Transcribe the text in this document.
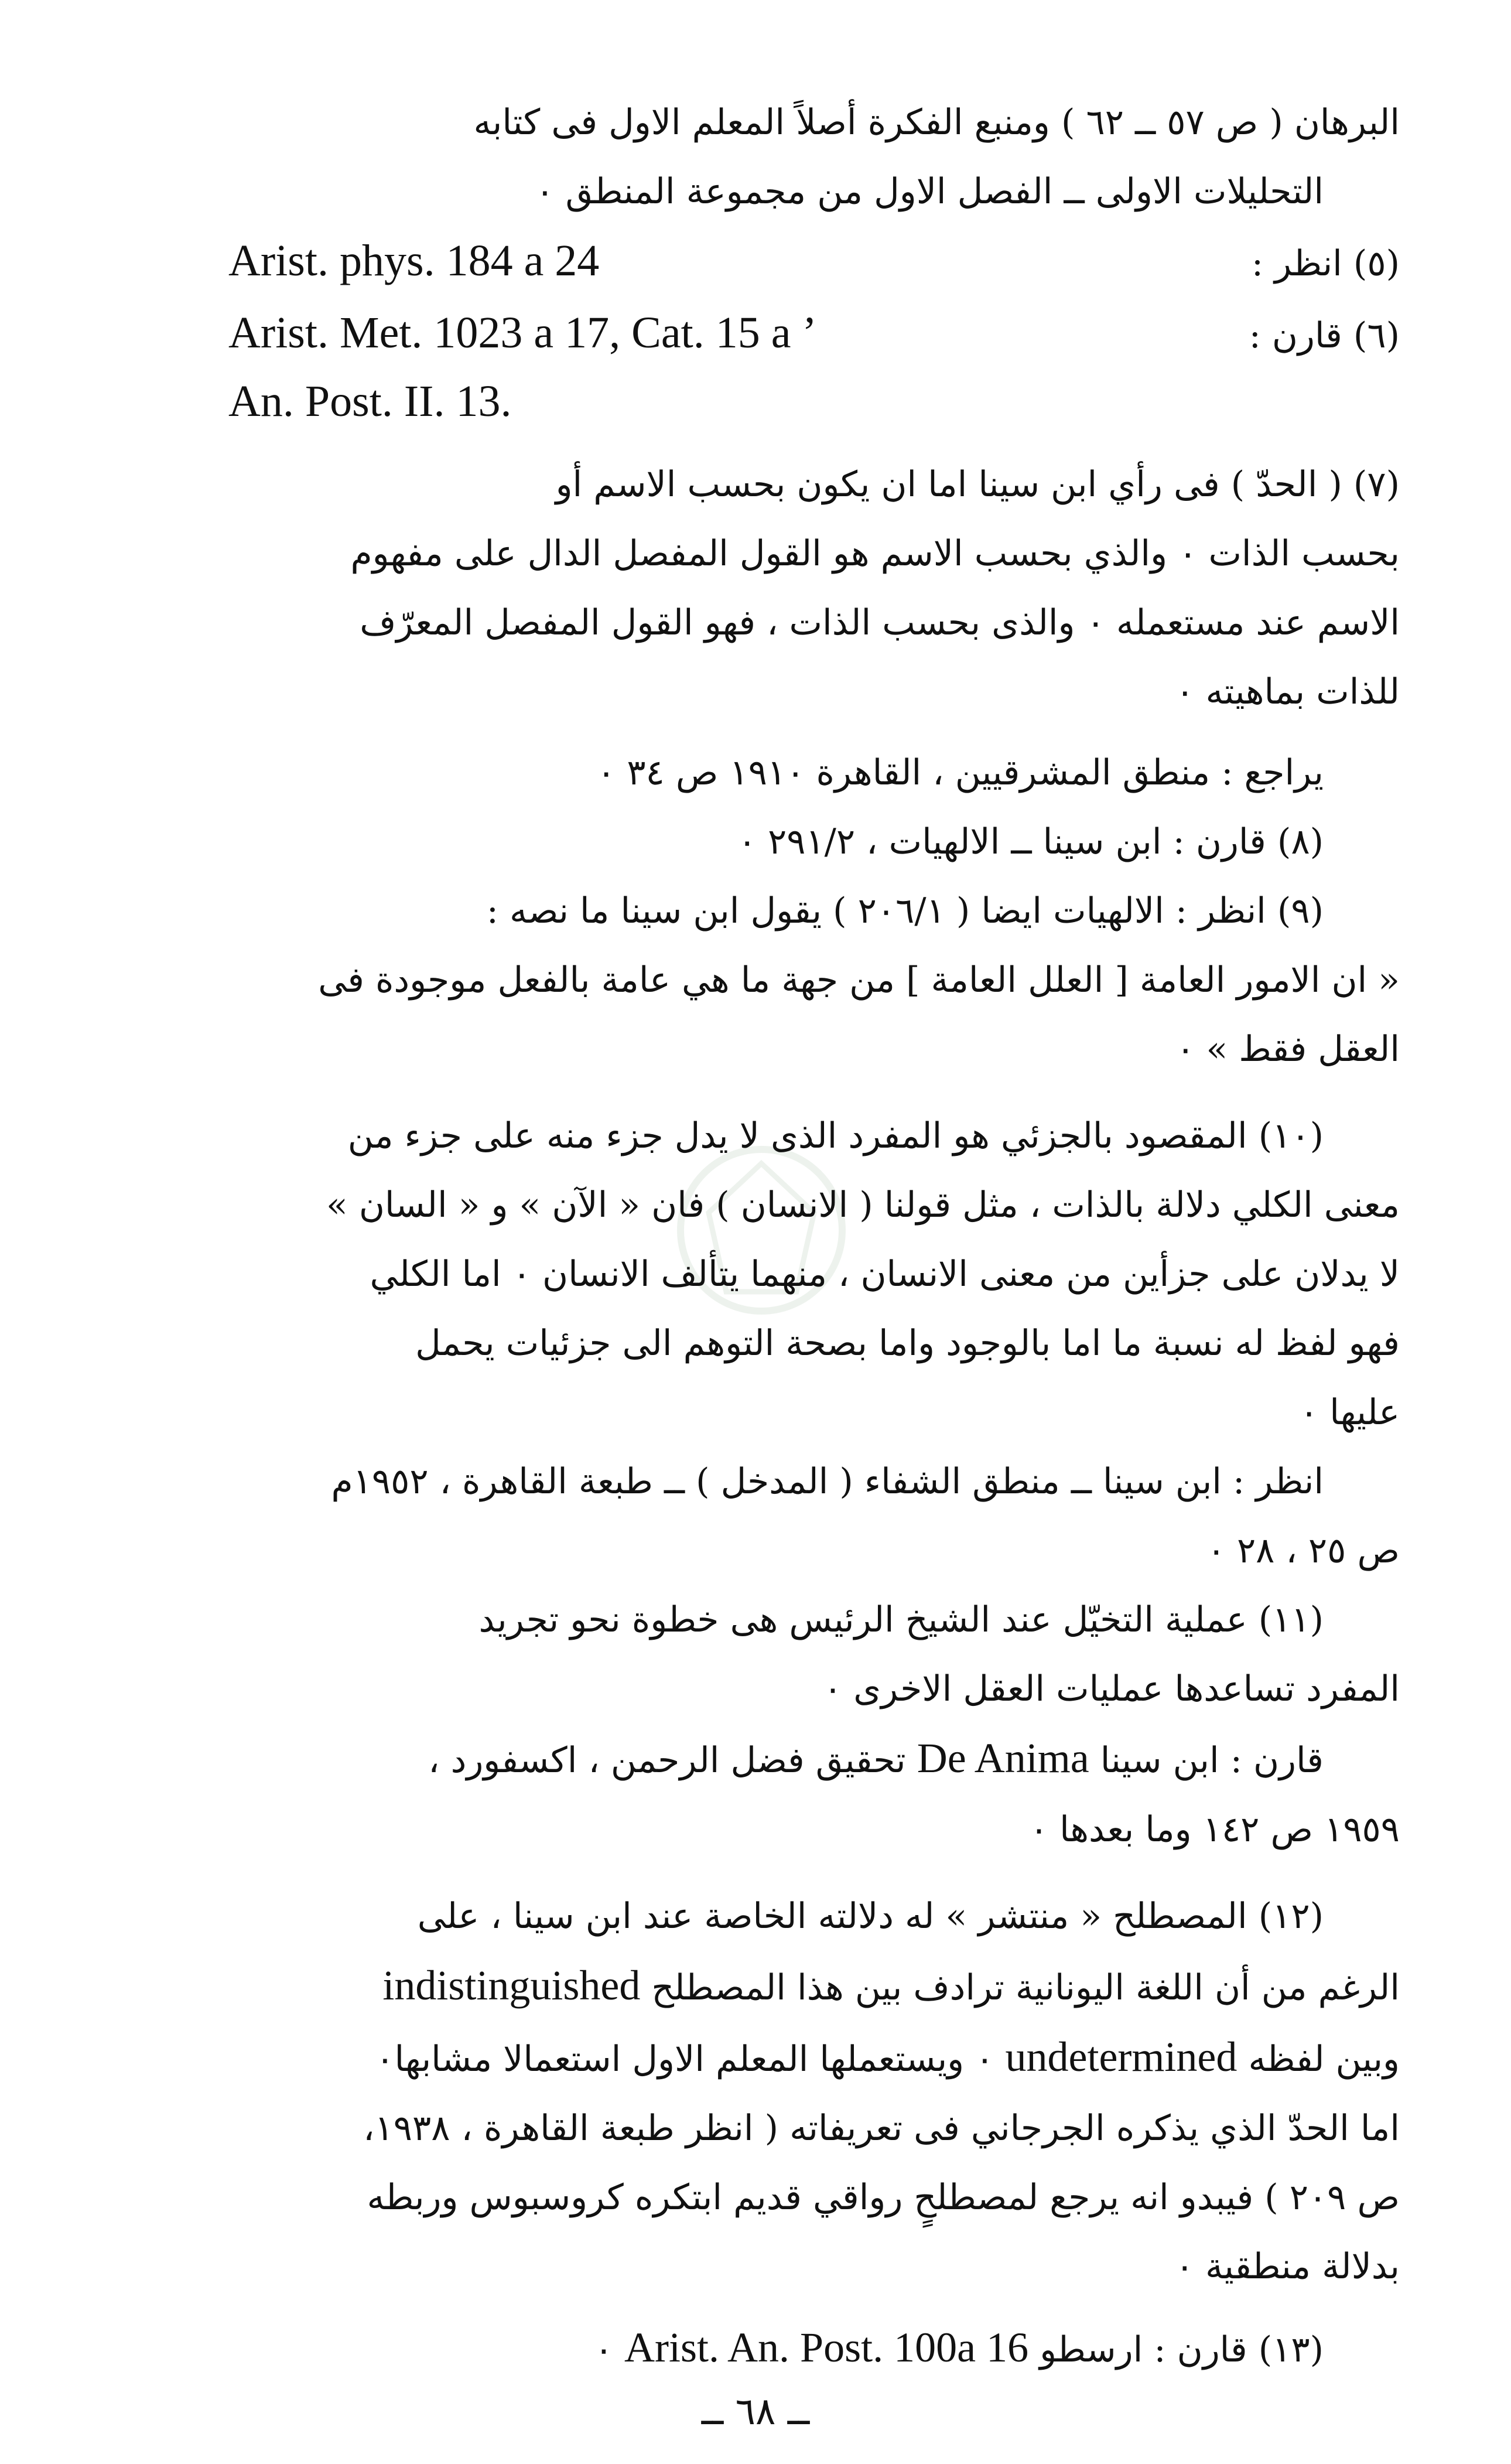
البرهان ( ص ٥٧ ــ ٦٢ ) ومنبع الفكرة أصلاً المعلم الاول فى كتابه

التحليلات الاولى ــ الفصل الاول من مجموعة المنطق ٠

Arist. phys. 184 a 24	(٥) انظر :
Arist. Met. 1023 a 17, Cat. 15 a ’	(٦) قارن :

An. Post. II. 13.

(٧) ( الحدّ ) فى رأي ابن سينا اما ان يكون بحسب الاسم أو

بحسب الذات ٠ والذي بحسب الاسم هو القول المفصل الدال على مفهوم

الاسم عند مستعمله ٠ والذى بحسب الذات ، فهو القول المفصل المعرّف

للذات بماهيته ٠

يراجع : منطق المشرقيين ، القاهرة ١٩١٠ ص ٣٤ ٠

(٨) قارن : ابن سينا ــ الالهيات ، ٢٩١/٢ ٠

(٩) انظر : الالهيات ايضا ( ٢٠٦/١ ) يقول ابن سينا ما نصه :

« ان الامور العامة [ العلل العامة ] من جهة ما هي عامة بالفعل موجودة فى

العقل فقط » ٠

(١٠) المقصود بالجزئي هو المفرد الذى لا يدل جزء منه على جزء من

معنى الكلي دلالة بالذات ، مثل قولنا ( الانسان ) فان « الآن » و « السان »

لا يدلان على جزأين من معنى الانسان ، منهما يتألف الانسان ٠ اما الكلي

فهو لفظ له نسبة ما اما بالوجود واما بصحة التوهم الى جزئيات يحمل

عليها ٠

انظر : ابن سينا ــ منطق الشفاء ( المدخل ) ــ طبعة القاهرة ، ١٩٥٢م

ص ٢٥ ، ٢٨ ٠

(١١) عملية التخيّل عند الشيخ الرئيس هى خطوة نحو تجريد

المفرد تساعدها عمليات العقل الاخرى ٠

قارن : ابن سينا De Anima تحقيق فضل الرحمن ، اكسفورد ،

١٩٥٩ ص ١٤٢ وما بعدها ٠

(١٢) المصطلح « منتشر » له دلالته الخاصة عند ابن سينا ، على

الرغم من أن اللغة اليونانية ترادف بين هذا المصطلح indistinguished

وبين لفظه undetermined ٠ ويستعملها المعلم الاول استعمالا مشابها٠

اما الحدّ الذي يذكره الجرجاني فى تعريفاته ( انظر طبعة القاهرة ، ١٩٣٨،

ص ٢٠٩ ) فيبدو انه يرجع لمصطلحٍ رواقي قديم ابتكره كروسبوس وربطه

بدلالة منطقية ٠

(١٣) قارن : ارسطو Arist. An. Post. 100a 16 ٠

ــ ٦٨ ــ
